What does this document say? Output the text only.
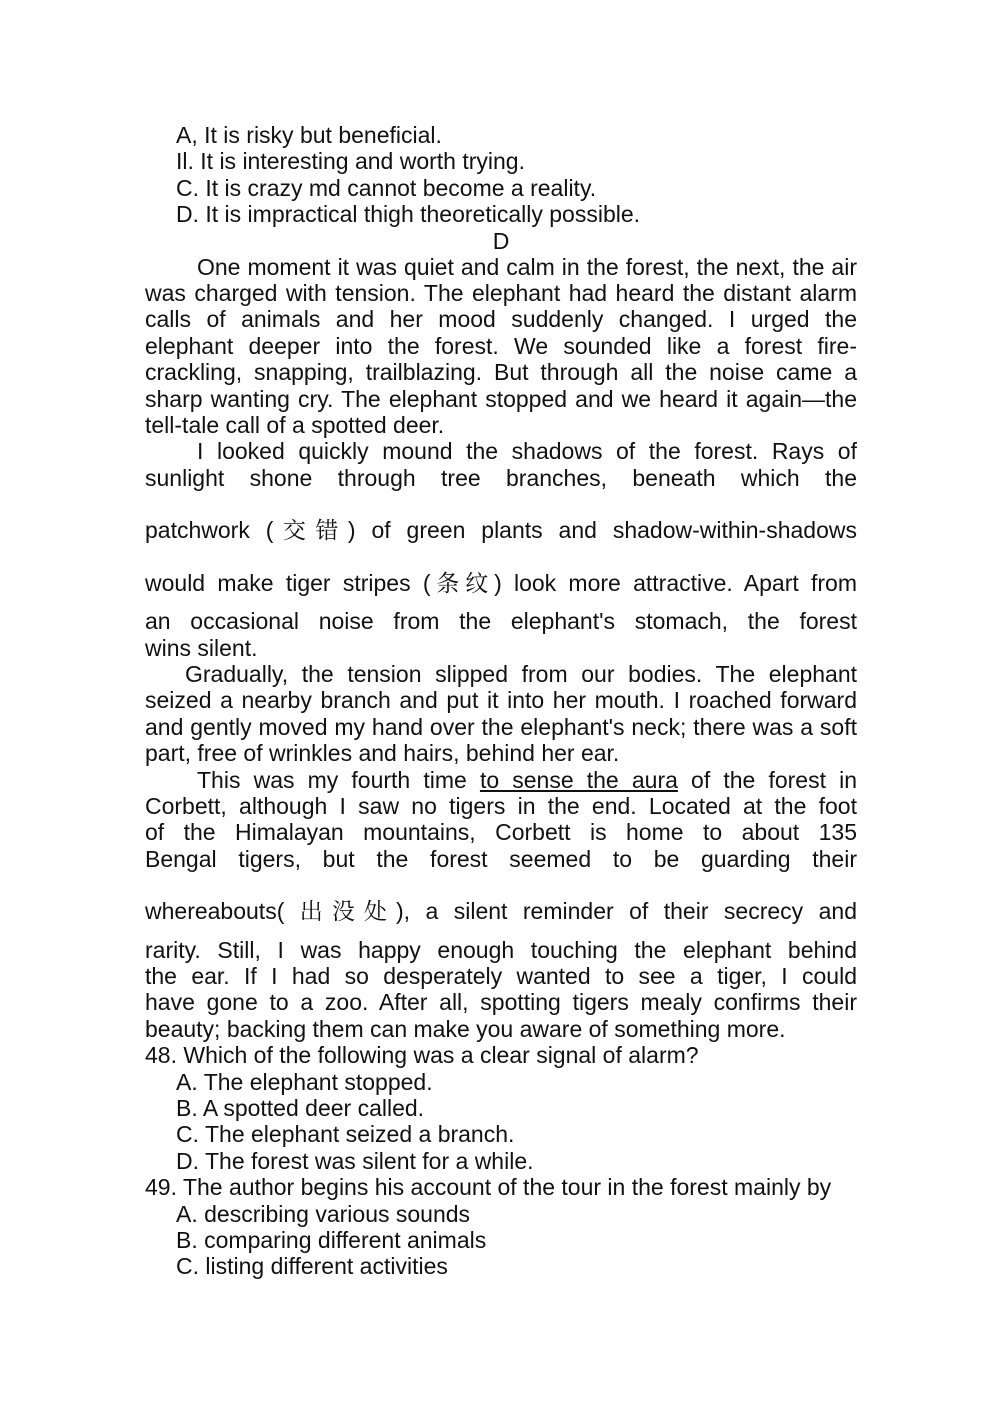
A, It is risky but beneficial.
Il. It is interesting and worth trying.
C. It is crazy md cannot become a reality.
D. It is impractical thigh theoretically possible.
D
One moment it was quiet and calm in the forest, the next, the air was charged with tension. The elephant had heard the distant alarm calls of animals and her mood suddenly changed. I urged the elephant deeper into the forest. We sounded like a forest fire-crackling, snapping, trailblazing. But through all the noise came a sharp wanting cry. The elephant stopped and we heard it again—the tell-tale call of a spotted deer.
I looked quickly mound the shadows of the forest. Rays of
sunlight shone through tree branches, beneath which the
patchwork (交错) of green plants and shadow-within-shadows
would make tiger stripes (条纹) look more attractive. Apart from
an occasional noise from the elephant's stomach, the forest
wins silent.
Gradually, the tension slipped from our bodies. The elephant seized a nearby branch and put it into her mouth. I roached forward and gently moved my hand over the elephant's neck; there was a soft part, free of wrinkles and hairs, behind her ear.
This was my fourth time to sense the aura of the forest in
Corbett, although I saw no tigers in the end. Located at the foot
of the Himalayan mountains, Corbett is home to about 135
Bengal tigers, but the forest seemed to be guarding their
whereabouts( 出没处), a silent reminder of their secrecy and
rarity. Still, I was happy enough touching the elephant behind
the ear. If I had so desperately wanted to see a tiger, I could
have gone to a zoo. After all, spotting tigers mealy confirms their
beauty; backing them can make you aware of something more.
48. Which of the following was a clear signal of alarm?
A. The elephant stopped.
B. A spotted deer called.
C. The elephant seized a branch.
D. The forest was silent for a while.
49. The author begins his account of the tour in the forest mainly by
A. describing various sounds
B. comparing different animals
C. listing different activities
